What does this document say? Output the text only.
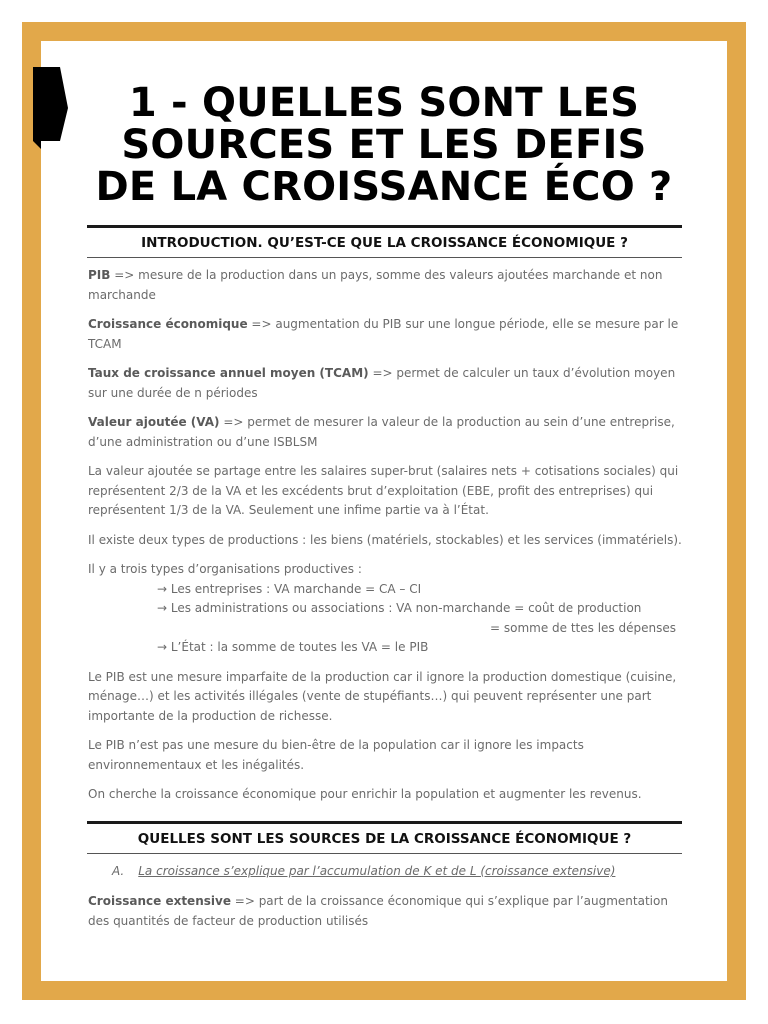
1 - QUELLES SONT LES
SOURCES ET LES DEFIS
DE LA CROISSANCE ÉCO ?
INTRODUCTION. QU’EST-CE QUE LA CROISSANCE ÉCONOMIQUE ?

PIB => mesure de la production dans un pays, somme des valeurs ajoutées marchande et non marchande

Croissance économique => augmentation du PIB sur une longue période, elle se mesure par le TCAM

Taux de croissance annuel moyen (TCAM) => permet de calculer un taux d’évolution moyen sur une durée de n périodes

Valeur ajoutée (VA) => permet de mesurer la valeur de la production au sein d’une entreprise, d’une administration ou d’une ISBLSM

La valeur ajoutée se partage entre les salaires super-brut (salaires nets + cotisations sociales) qui représentent 2/3 de la VA et les excédents brut d’exploitation (EBE, profit des entreprises) qui représentent 1/3 de la VA. Seulement une infime partie va à l’État.

Il existe deux types de productions : les biens (matériels, stockables) et les services (immatériels).

Il y a trois types d’organisations productives :

→ Les entreprises : VA marchande = CA – CI

→ Les administrations ou associations : VA non-marchande = coût de production

= somme de ttes les dépenses

→ L’État : la somme de toutes les VA = le PIB

Le PIB est une mesure imparfaite de la production car il ignore la production domestique (cuisine, ménage…) et les activités illégales (vente de stupéfiants…) qui peuvent représenter une part importante de la production de richesse.

Le PIB n’est pas une mesure du bien-être de la population car il ignore les impacts environnementaux et les inégalités.

On cherche la croissance économique pour enrichir la population et augmenter les revenus.

QUELLES SONT LES SOURCES DE LA CROISSANCE ÉCONOMIQUE ?
A. La croissance s’explique par l’accumulation de K et de L (croissance extensive)

Croissance extensive => part de la croissance économique qui s’explique par l’augmentation des quantités de facteur de production utilisés
